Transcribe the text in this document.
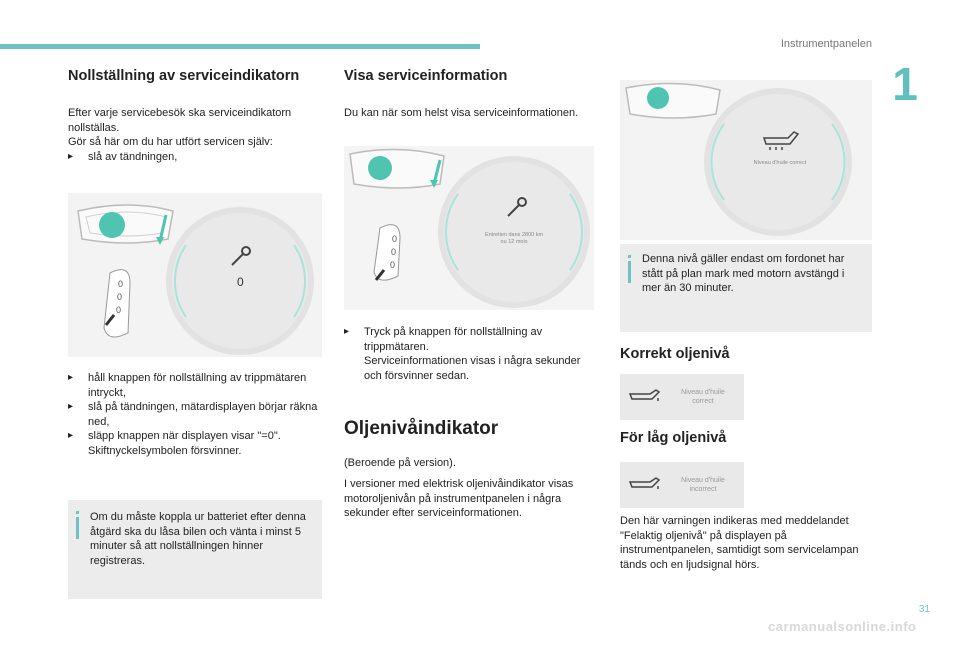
Instrumentpanelen
1
31
Nollställning av serviceindikatorn

Efter varje servicebesök ska serviceindikatorn nollställas.

Gör så här om du har utfört servicen själv:

▸ slå av tändningen,
0
0
0
0
▸ håll knappen för nollställning av trippmätaren intryckt,
▸ slå på tändningen, mätardisplayen börjar räkna ned,
▸ släpp knappen när displayen visar "=0". Skiftnyckelsymbolen försvinner.
Om du måste koppla ur batteriet efter denna åtgärd ska du låsa bilen och vänta i minst 5 minuter så att nollställningen hinner registreras.
Visa serviceinformation
Du kan när som helst visa serviceinformationen.
Entretien dans 2800 km
ou 12 mois
0
0
0
▸ Tryck på knappen för nollställning av trippmätaren.

Serviceinformationen visas i några sekunder och försvinner sedan.

Oljenivåindikator
(Beroende på version).
I versioner med elektrisk oljenivåindikator visas motoroljenivån på instrumentpanelen i några sekunder efter serviceinformationen.
Niveau d'huile correct
Denna nivå gäller endast om fordonet har stått på plan mark med motorn avstängd i mer än 30 minuter.
Korrekt oljenivå
Niveau d'huile correct
För låg oljenivå
Niveau d'huile incorrect
Den här varningen indikeras med meddelandet "Felaktig oljenivå" på displayen på instrumentpanelen, samtidigt som servicelampan tänds och en ljudsignal hörs.
carmanualsonline.info
